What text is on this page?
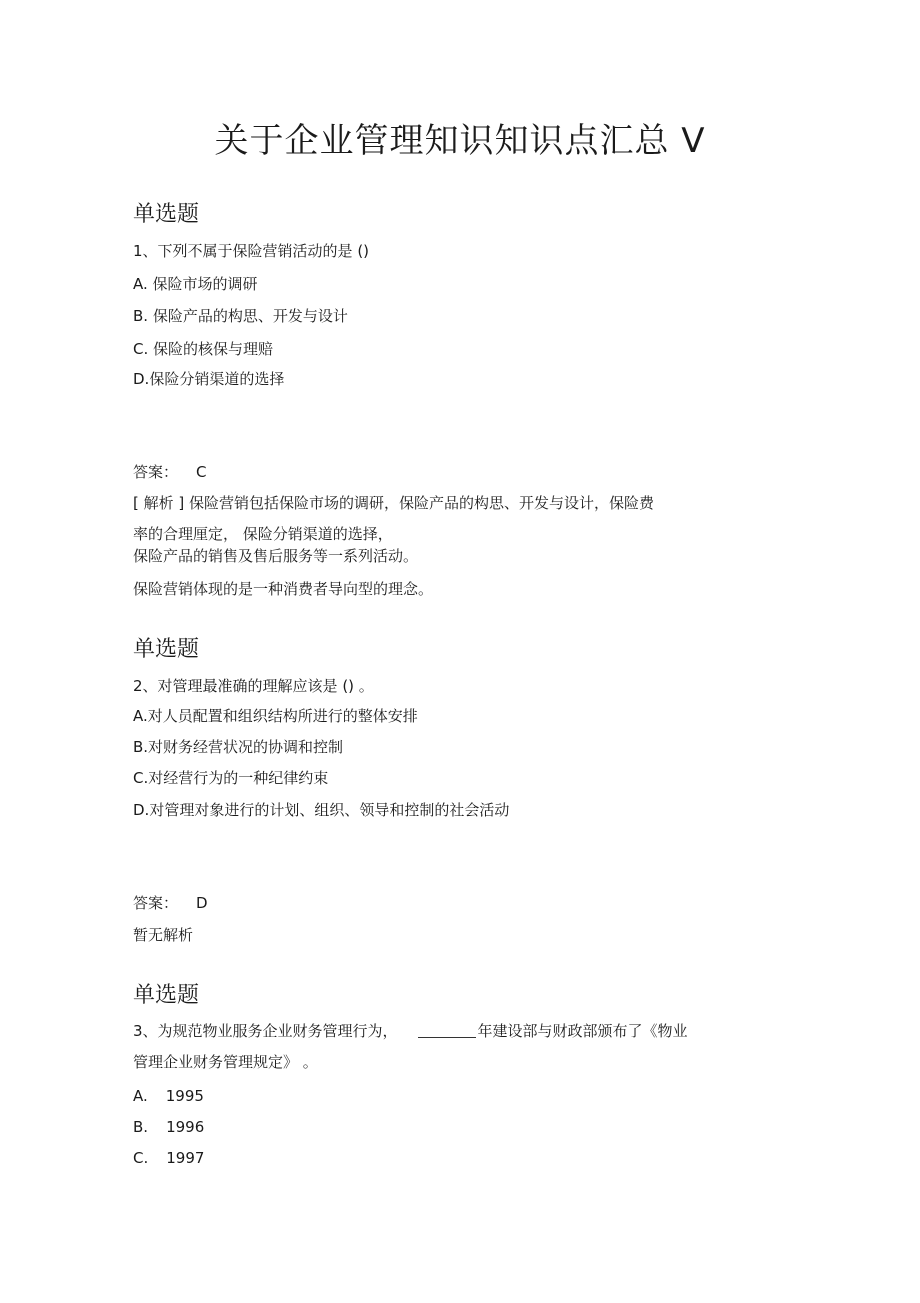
关于企业管理知识知识点汇总 V
单选题
1、下列不属于保险营销活动的是 ()
A. 保险市场的调研
B. 保险产品的构思、开发与设计
C. 保险的核保与理赔
D.保险分销渠道的选择
答案： C
[ 解析 ] 保险营销包括保险市场的调研，保险产品的构思、开发与设计，保险费
率的合理厘定， 保险分销渠道的选择，
保险产品的销售及售后服务等一系列活动。
保险营销体现的是一种消费者导向型的理念。
单选题
2、对管理最准确的理解应该是 () 。
A.对人员配置和组织结构所进行的整体安排
B.对财务经营状况的协调和控制
C.对经营行为的一种纪律约束
D.对管理对象进行的计划、组织、领导和控制的社会活动
答案： D
暂无解析
单选题
3、为规范物业服务企业财务管理行为，	年建设部与财政部颁布了《物业
管理企业财务管理规定》 。
A. 1995
B. 1996
C. 1997
